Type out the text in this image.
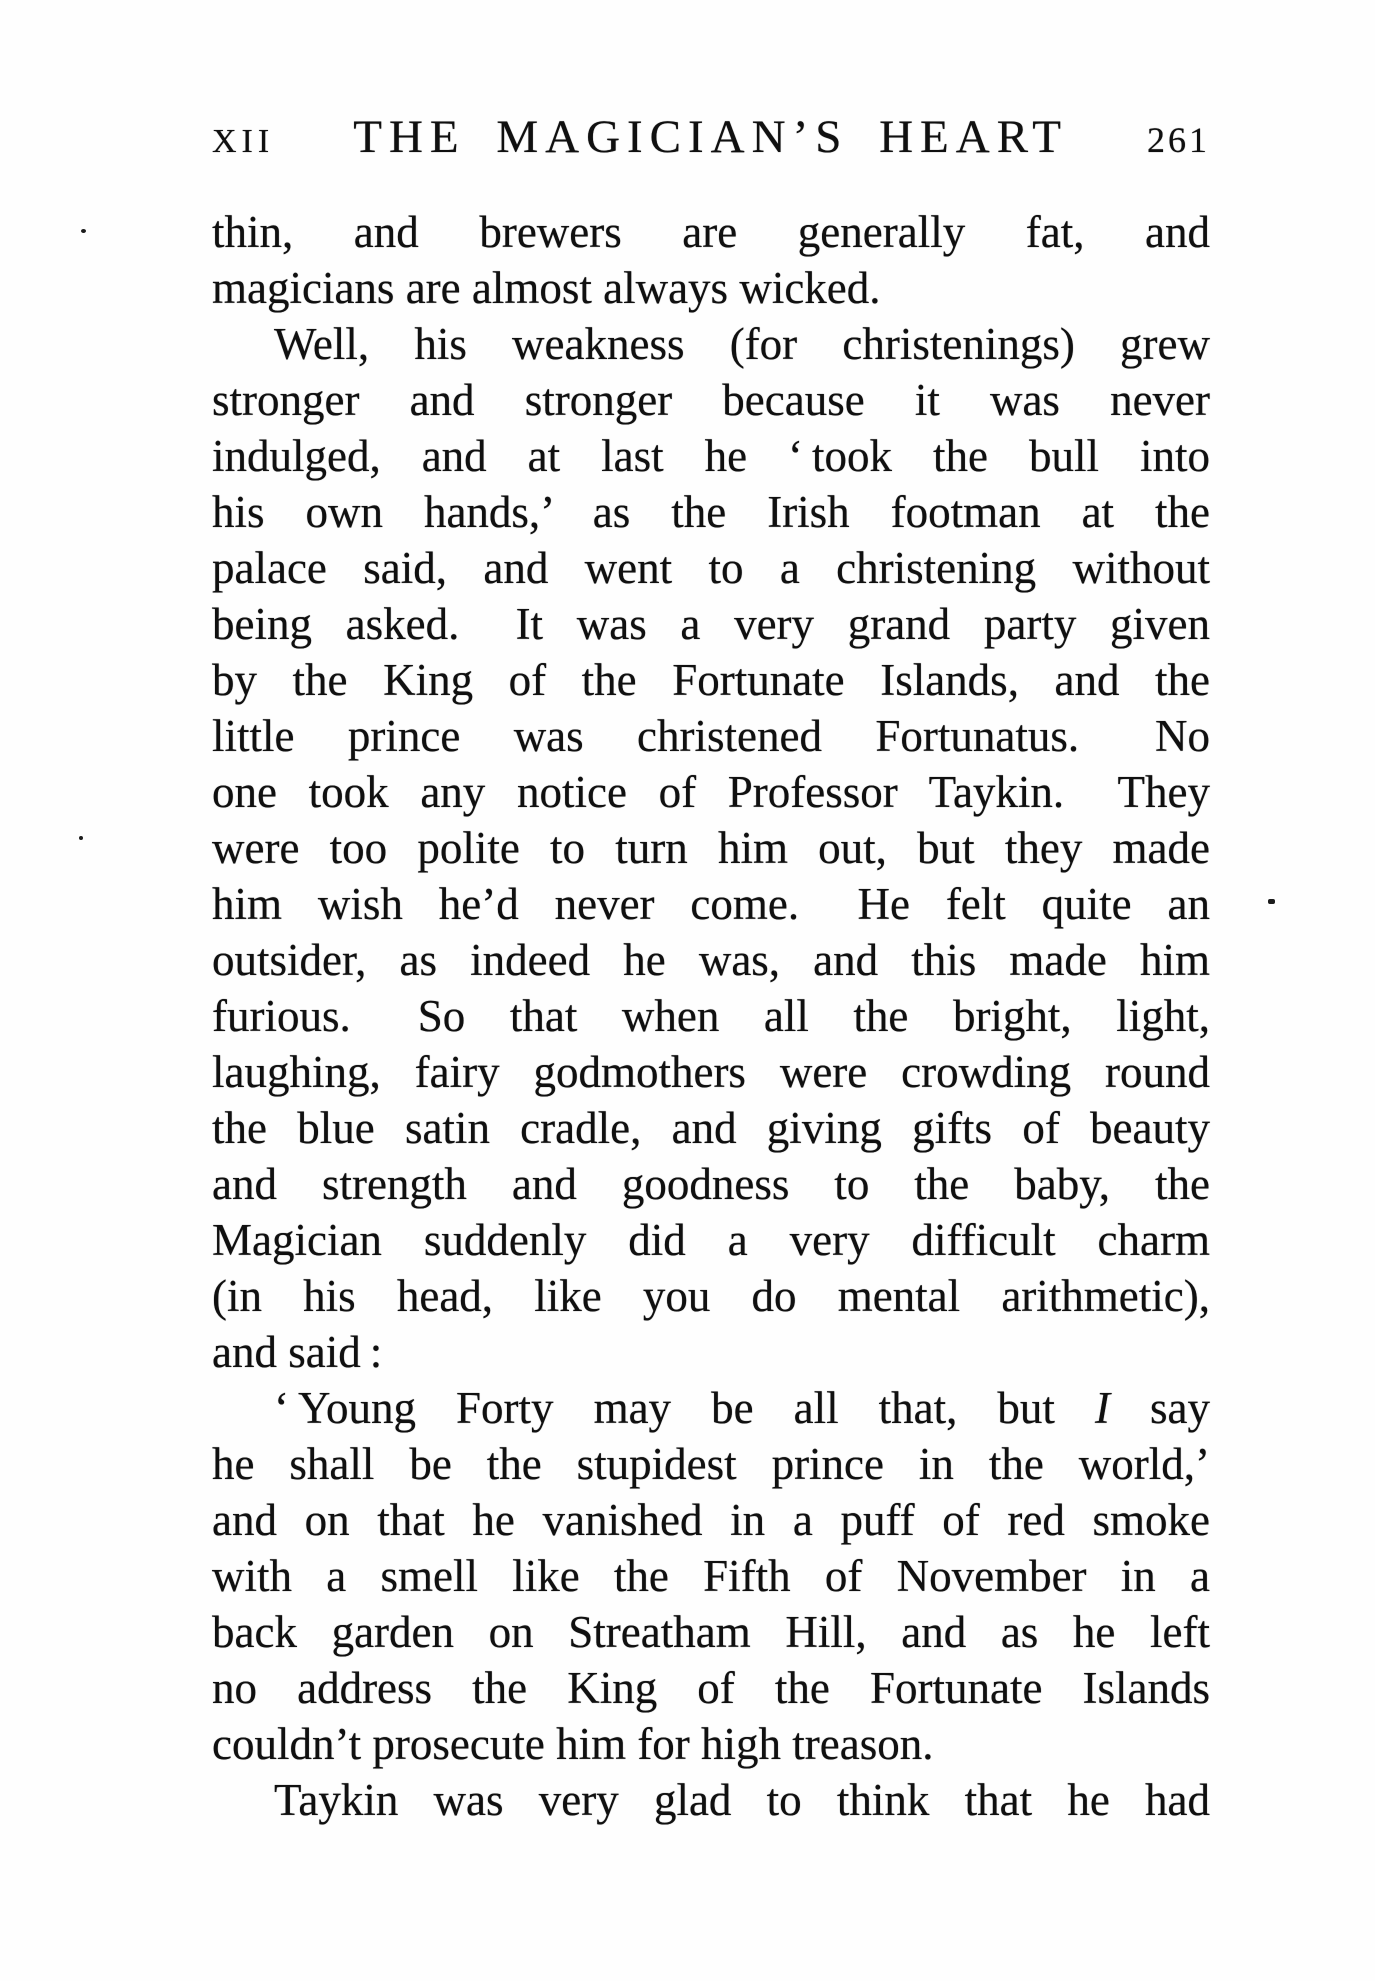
XII THE MAGICIAN’S HEART 261
thin, and brewers are generally fat, and
magicians are almost always wicked.
Well, his weakness (for christenings) grew
stronger and stronger because it was never
indulged, and at last he ‘ took the bull into
his own hands,’ as the Irish footman at the
palace said, and went to a christening without
being asked.  It was a very grand party given
by the King of the Fortunate Islands, and the
little prince was christened Fortunatus.  No
one took any notice of Professor Taykin.  They
were too polite to turn him out, but they made
him wish he’d never come.  He felt quite an
outsider, as indeed he was, and this made him
furious.  So that when all the bright, light,
laughing, fairy godmothers were crowding round
the blue satin cradle, and giving gifts of beauty
and strength and goodness to the baby, the
Magician suddenly did a very difficult charm
(in his head, like you do mental arithmetic),
and said :
‘ Young Forty may be all that, but I say
he shall be the stupidest prince in the world,’
and on that he vanished in a puff of red smoke
with a smell like the Fifth of November in a
back garden on Streatham Hill, and as he left
no address the King of the Fortunate Islands
couldn’t prosecute him for high treason.
Taykin was very glad to think that he had
